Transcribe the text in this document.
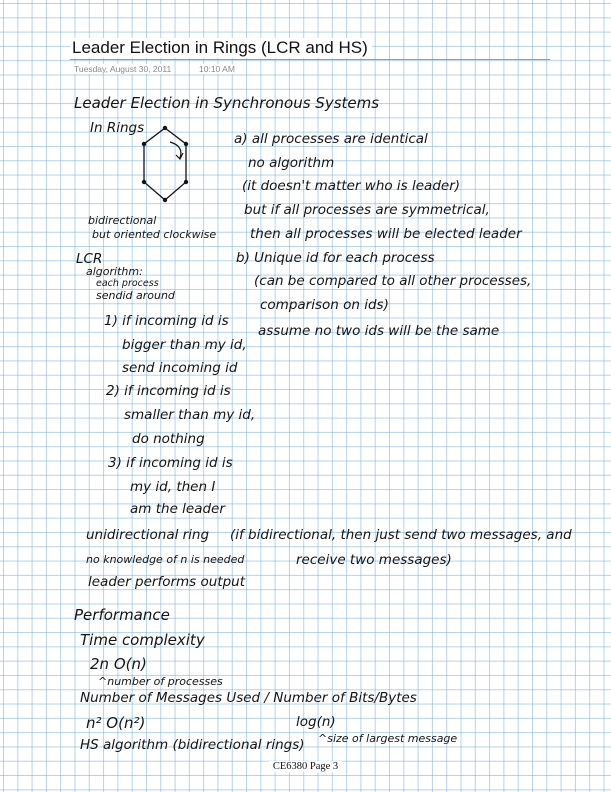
Leader Election in Rings (LCR and HS)
Tuesday, August 30, 2011	10:10 AM
Leader Election in Synchronous Systems
In Rings
bidirectional
but oriented clockwise
a) all processes are identical
no algorithm
(it doesn't matter who is leader)
but if all processes are symmetrical,
then all processes will be elected leader
LCR
algorithm:
each process
sendid around
b) Unique id for each process
(can be compared to all other processes,
comparison on ids)
assume no two ids will be the same
1) if incoming id is
bigger than my id,
send incoming id
2) if incoming id is
smaller than my id,
do nothing
3) if incoming id is
my id, then I
am the leader
unidirectional ring (if bidirectional, then just send two messages, and
no knowledge of n is needed	receive two messages)
leader performs output
Performance
Time complexity
2n O(n)
^number of processes
Number of Messages Used / Number of Bits/Bytes
n² O(n²)	log(n)
^size of largest message
HS algorithm (bidirectional rings)
CE6380 Page 3
